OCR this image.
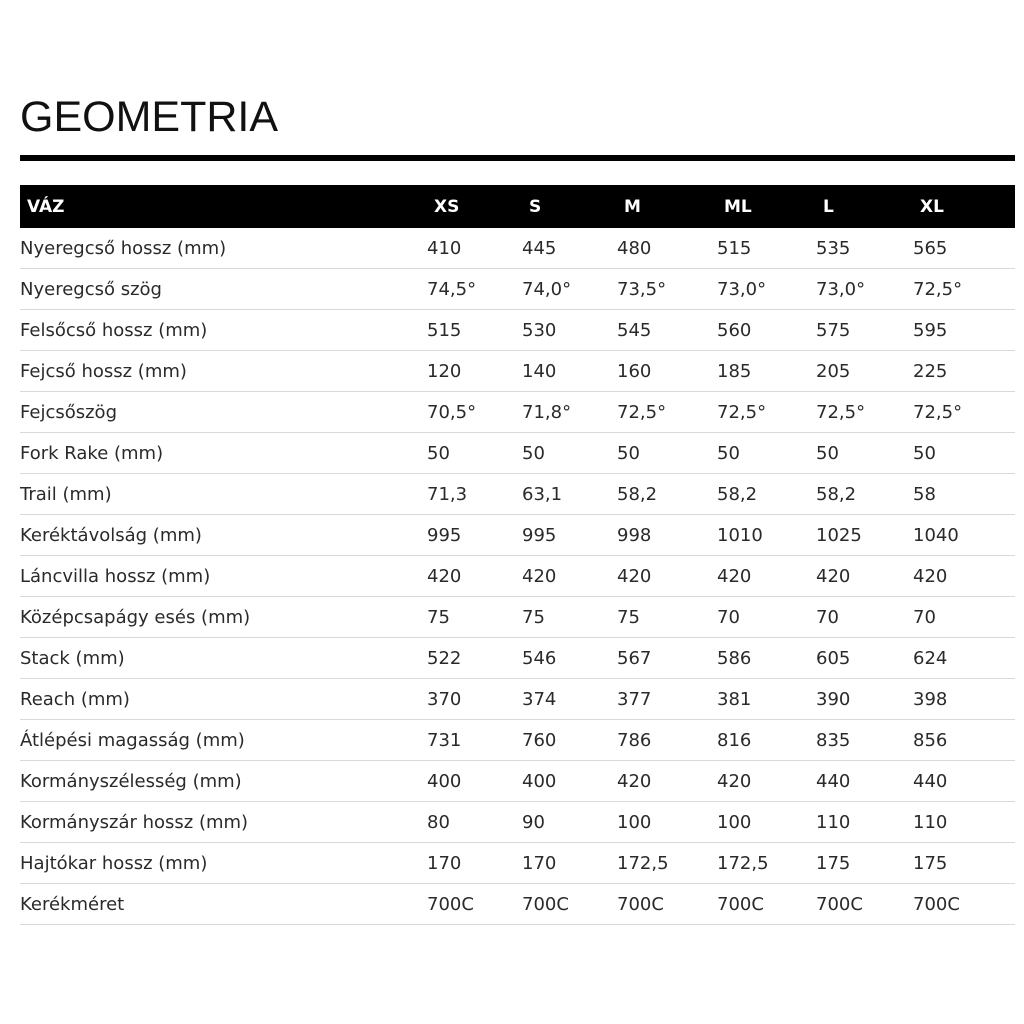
GEOMETRIA
VÁZ	XS	S	M	ML	L	XL
Nyeregcső hossz (mm)	410	445	480	515	535	565
Nyeregcső szög	74,5°	74,0°	73,5°	73,0°	73,0°	72,5°
Felsőcső hossz (mm)	515	530	545	560	575	595
Fejcső hossz (mm)	120	140	160	185	205	225
Fejcsőszög	70,5°	71,8°	72,5°	72,5°	72,5°	72,5°
Fork Rake (mm)	50	50	50	50	50	50
Trail (mm)	71,3	63,1	58,2	58,2	58,2	58
Keréktávolság (mm)	995	995	998	1010	1025	1040
Láncvilla hossz (mm)	420	420	420	420	420	420
Középcsapágy esés (mm)	75	75	75	70	70	70
Stack (mm)	522	546	567	586	605	624
Reach (mm)	370	374	377	381	390	398
Átlépési magasság (mm)	731	760	786	816	835	856
Kormányszélesség (mm)	400	400	420	420	440	440
Kormányszár hossz (mm)	80	90	100	100	110	110
Hajtókar hossz (mm)	170	170	172,5	172,5	175	175
Kerékméret	700C	700C	700C	700C	700C	700C
